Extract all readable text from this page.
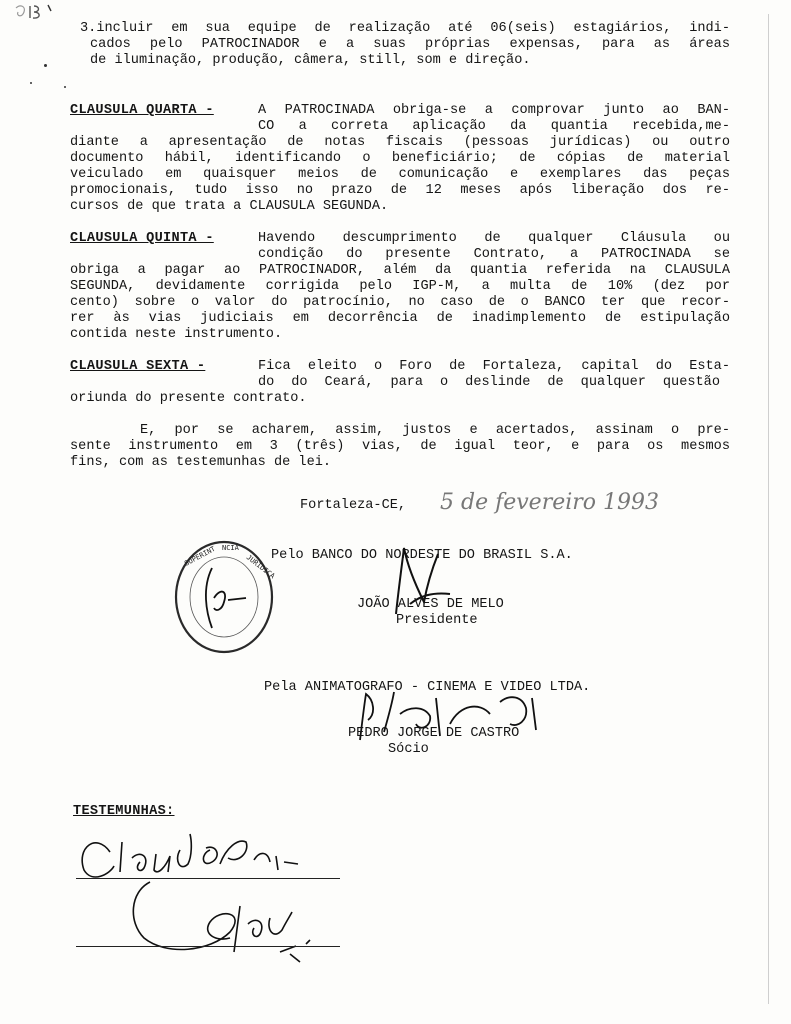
3.incluir em sua equipe de realização até 06(seis) estagiários, indi-
cados pelo PATROCINADOR e a suas próprias expensas, para as áreas
de iluminação, produção, câmera, still, som e direção.
CLAUSULA QUARTA -	A PATROCINADA obriga-se a comprovar junto ao BAN-
CO a correta aplicação da quantia recebida,me-
diante a apresentação de notas fiscais (pessoas jurídicas) ou outro
documento hábil, identificando o beneficiário; de cópias de material
veiculado em quaisquer meios de comunicação e exemplares das peças
promocionais, tudo isso no prazo de 12 meses após liberação dos re-
cursos de que trata a CLAUSULA SEGUNDA.
CLAUSULA QUINTA -	Havendo descumprimento de qualquer Cláusula ou
condição do presente Contrato, a PATROCINADA se
obriga a pagar ao PATROCINADOR, além da quantia referida na CLAUSULA
SEGUNDA, devidamente corrigida pelo IGP-M, a multa de 10% (dez por
cento) sobre o valor do patrocínio, no caso de o BANCO ter que recor-
rer às vias judiciais em decorrência de inadimplemento de estipulação
contida neste instrumento.
CLAUSULA SEXTA -	Fica eleito o Foro de Fortaleza, capital do Esta-
do do Ceará, para o deslinde de qualquer questão
oriunda do presente contrato.
E, por se acharem, assim, justos e acertados, assinam o pre-
sente instrumento em 3 (três) vias, de igual teor, e para os mesmos
fins, com as testemunhas de lei.
Fortaleza-CE, 5 de fevereiro 1993
SUPERINT NCIA
JURIDICA
Pelo BANCO DO NORDESTE DO BRASIL S.A.
JOÃO ALVES DE MELO
Presidente
Pela ANIMATOGRAFO - CINEMA E VIDEO LTDA.
PEDRO JORGE DE CASTRO
Sócio
TESTEMUNHAS:
